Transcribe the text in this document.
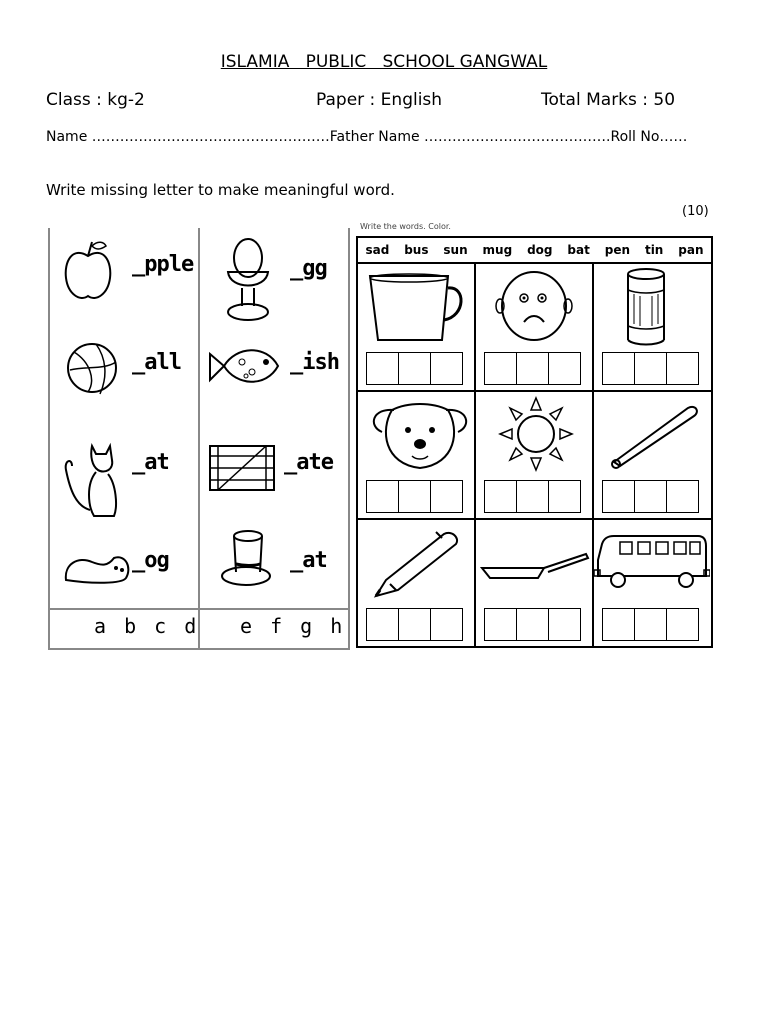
ISLAMIA   PUBLIC   SCHOOL GANGWAL
Class : kg-2	Paper : English	Total Marks : 50
Name ……………………………………………Father Name ………………………………….Roll No……
Write missing letter to make meaningful word.
(10)
_pple	_gg
_all	_ish
_at	_ate
_og	_at
a b c d e f g h
Write the words. Color.
sad bus sun mug dog bat pen tin pan
